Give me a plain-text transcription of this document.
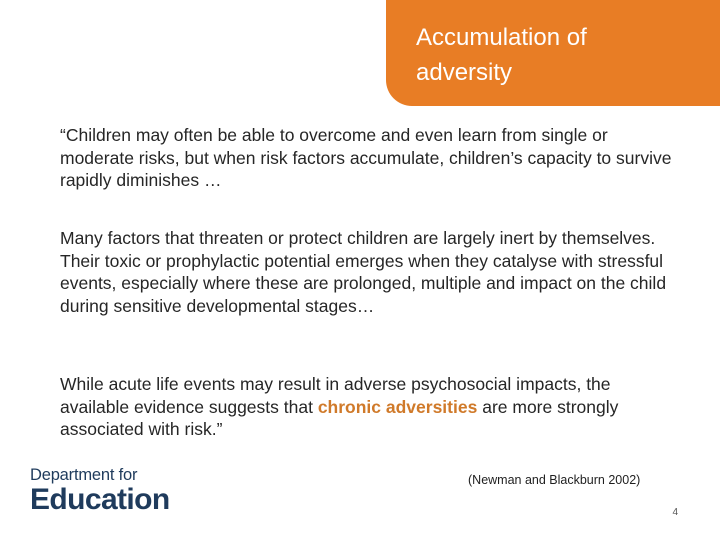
Accumulation of adversity

“Children may often be able to overcome and even learn from single or moderate risks, but when risk factors accumulate, children’s capacity to survive rapidly diminishes …

Many factors that threaten or protect children are largely inert by themselves. Their toxic or prophylactic potential emerges when they catalyse with stressful events, especially where these are prolonged, multiple and impact on the child during sensitive developmental stages…

While acute life events may result in adverse psychosocial impacts, the available evidence suggests that chronic adversities are more strongly associated with risk.”

Department for
Education
(Newman and Blackburn 2002)
4
